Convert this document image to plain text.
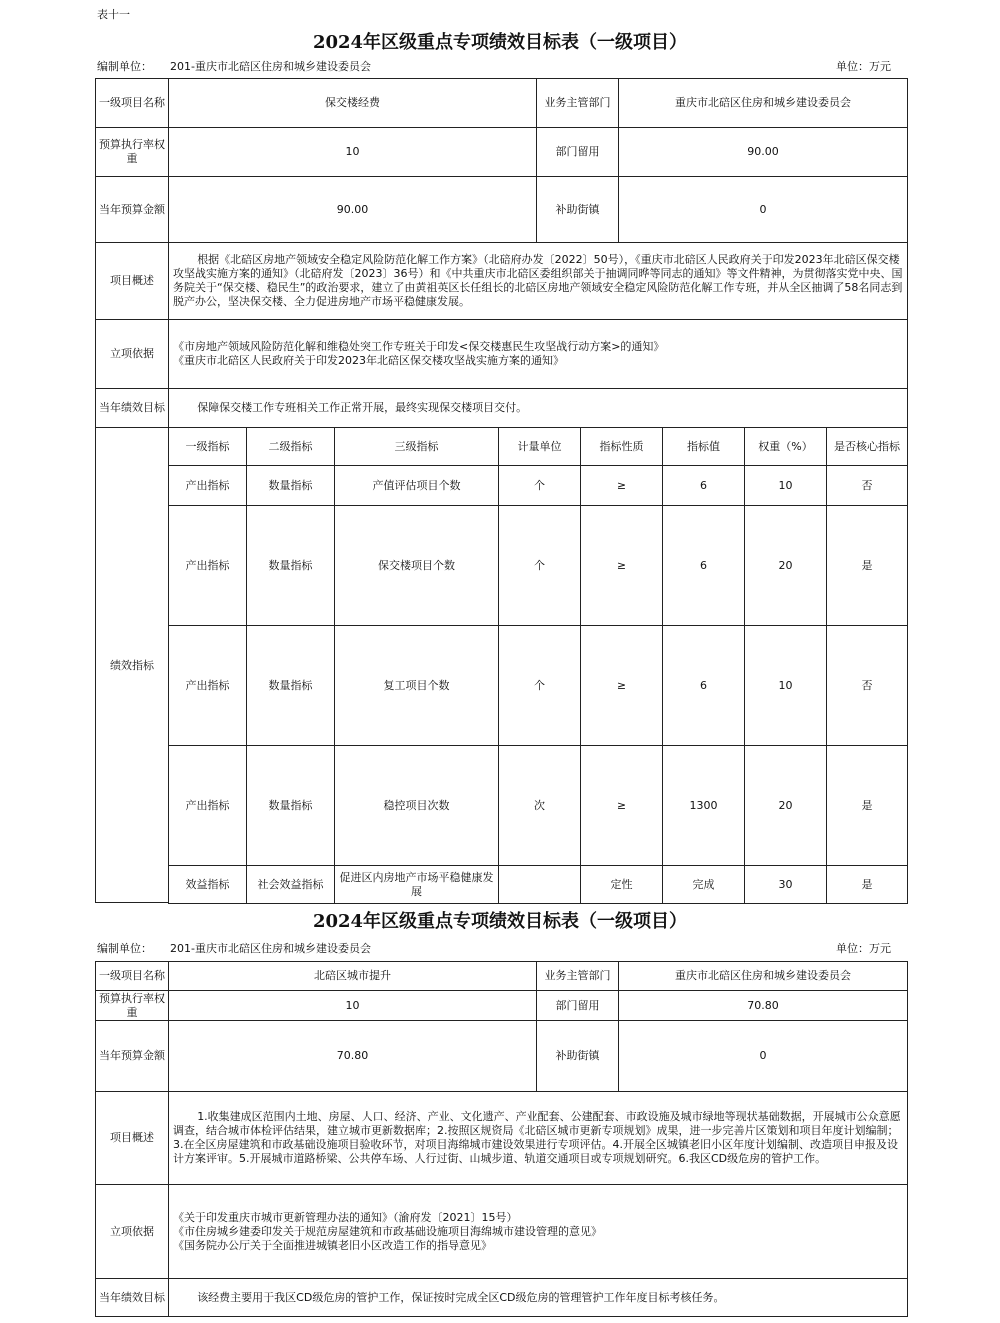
表十一
2024年区级重点专项绩效目标表（一级项目）
编制单位： 201-重庆市北碚区住房和城乡建设委员会	单位：万元
一级项目名称	保交楼经费	业务主管部门	重庆市北碚区住房和城乡建设委员会
预算执行率权重	10	部门留用	90.00
当年预算金额	90.00	补助街镇	0
项目概述	根据《北碚区房地产领域安全稳定风险防范化解工作方案》（北碚府办发〔2022〕50号），《重庆市北碚区人民政府关于印发2023年北碚区保交楼攻坚战实施方案的通知》（北碚府发〔2023〕36号）和《中共重庆市北碚区委组织部关于抽调同晔等同志的通知》等文件精神，为贯彻落实党中央、国务院关于“保交楼、稳民生”的政治要求，建立了由黄祖英区长任组长的北碚区房地产领域安全稳定风险防范化解工作专班，并从全区抽调了58名同志到脱产办公，坚决保交楼、全力促进房地产市场平稳健康发展。		
立项依据	《市房地产领域风险防范化解和维稳处突工作专班关于印发<保交楼惠民生攻坚战行动方案>的通知》
《重庆市北碚区人民政府关于印发2023年北碚区保交楼攻坚战实施方案的通知》		

当年绩效目标	保障保交楼工作专班相关工作正常开展，最终实现保交楼项目交付。		
绩效指标
一级指标	二级指标	三级指标	计量单位	指标性质	指标值	权重（%）	是否核心指标
产出指标	数量指标	产值评估项目个数	个	≥	6	10	否
产出指标	数量指标	保交楼项目个数	个	≥	6	20	是
产出指标	数量指标	复工项目个数	个	≥	6	10	否
产出指标	数量指标	稳控项目次数	次	≥	1300	20	是
效益指标	社会效益指标	促进区内房地产市场平稳健康发展		定性	完成	30	是
2024年区级重点专项绩效目标表（一级项目）
编制单位： 201-重庆市北碚区住房和城乡建设委员会	单位：万元
一级项目名称	北碚区城市提升	业务主管部门	重庆市北碚区住房和城乡建设委员会
预算执行率权重	10	部门留用	70.80
当年预算金额	70.80	补助街镇	0
项目概述	1.收集建成区范围内土地、房屋、人口、经济、产业、文化遗产、产业配套、公建配套、市政设施及城市绿地等现状基础数据，开展城市公众意愿调查，结合城市体检评估结果，建立城市更新数据库；2.按照区规资局《北碚区城市更新专项规划》成果，进一步完善片区策划和项目年度计划编制；3.在全区房屋建筑和市政基础设施项目验收环节，对项目海绵城市建设效果进行专项评估。4.开展全区城镇老旧小区年度计划编制、改造项目申报及设计方案评审。5.开展城市道路桥梁、公共停车场、人行过街、山城步道、轨道交通项目或专项规划研究。6.我区CD级危房的管护工作。		
立项依据	《关于印发重庆市城市更新管理办法的通知》（渝府发〔2021〕15号）
《市住房城乡建委印发关于规范房屋建筑和市政基础设施项目海绵城市建设管理的意见》
《国务院办公厅关于全面推进城镇老旧小区改造工作的指导意见》		

当年绩效目标	该经费主要用于我区CD级危房的管护工作，保证按时完成全区CD级危房的管理管护工作年度目标考核任务。		
